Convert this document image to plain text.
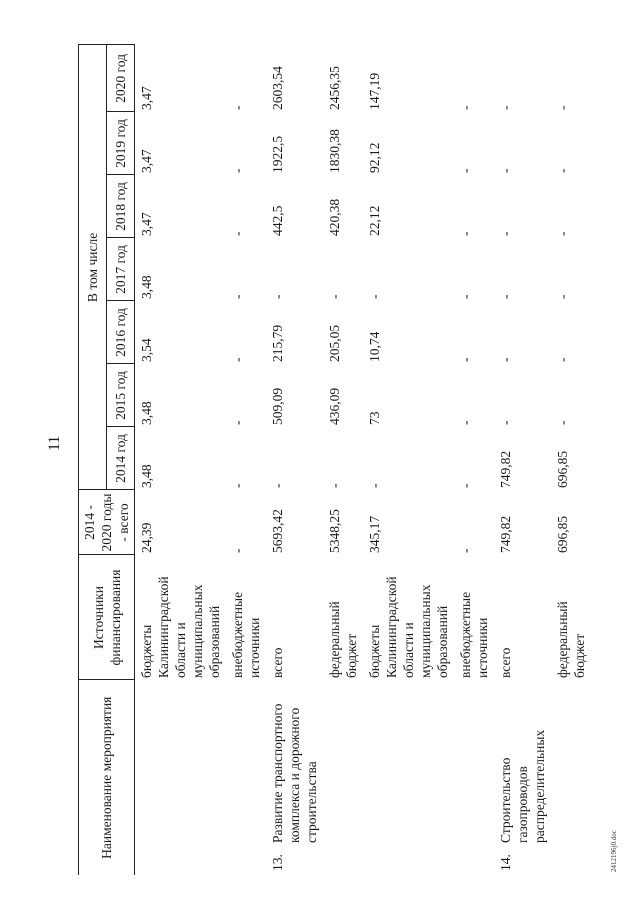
11
2412196j0.doc
Наименование мероприятия		Источники финансирования	2014 - 2020 годы - всего	В том числе						
				2014 год	2015 год	2016 год	2017 год	2018 год	2019 год	2020 год
		бюджеты Калининградской области и муниципальных образований	24,39	3,48	3,48	3,54	3,48	3,47	3,47	3,47
		внебюджетные источники	-	-	-	-	-	-	-	-
13.	Развитие транспортного комплекса и дорожного строительства	всего	5693,42	-	509,09	215,79	-	442,5	1922,5	2603,54
		федеральный бюджет	5348,25	-	436,09	205,05	-	420,38	1830,38	2456,35
		бюджеты Калининградской области и муниципальных образований	345,17	-	73	10,74	-	22,12	92,12	147,19
		внебюджетные источники	-	-	-	-	-	-	-	-
14.	Строительство газопроводов распределительных	всего	749,82	749,82	-	-	-	-	-	-
		федеральный бюджет	696,85	696,85	-	-	-	-	-	-
